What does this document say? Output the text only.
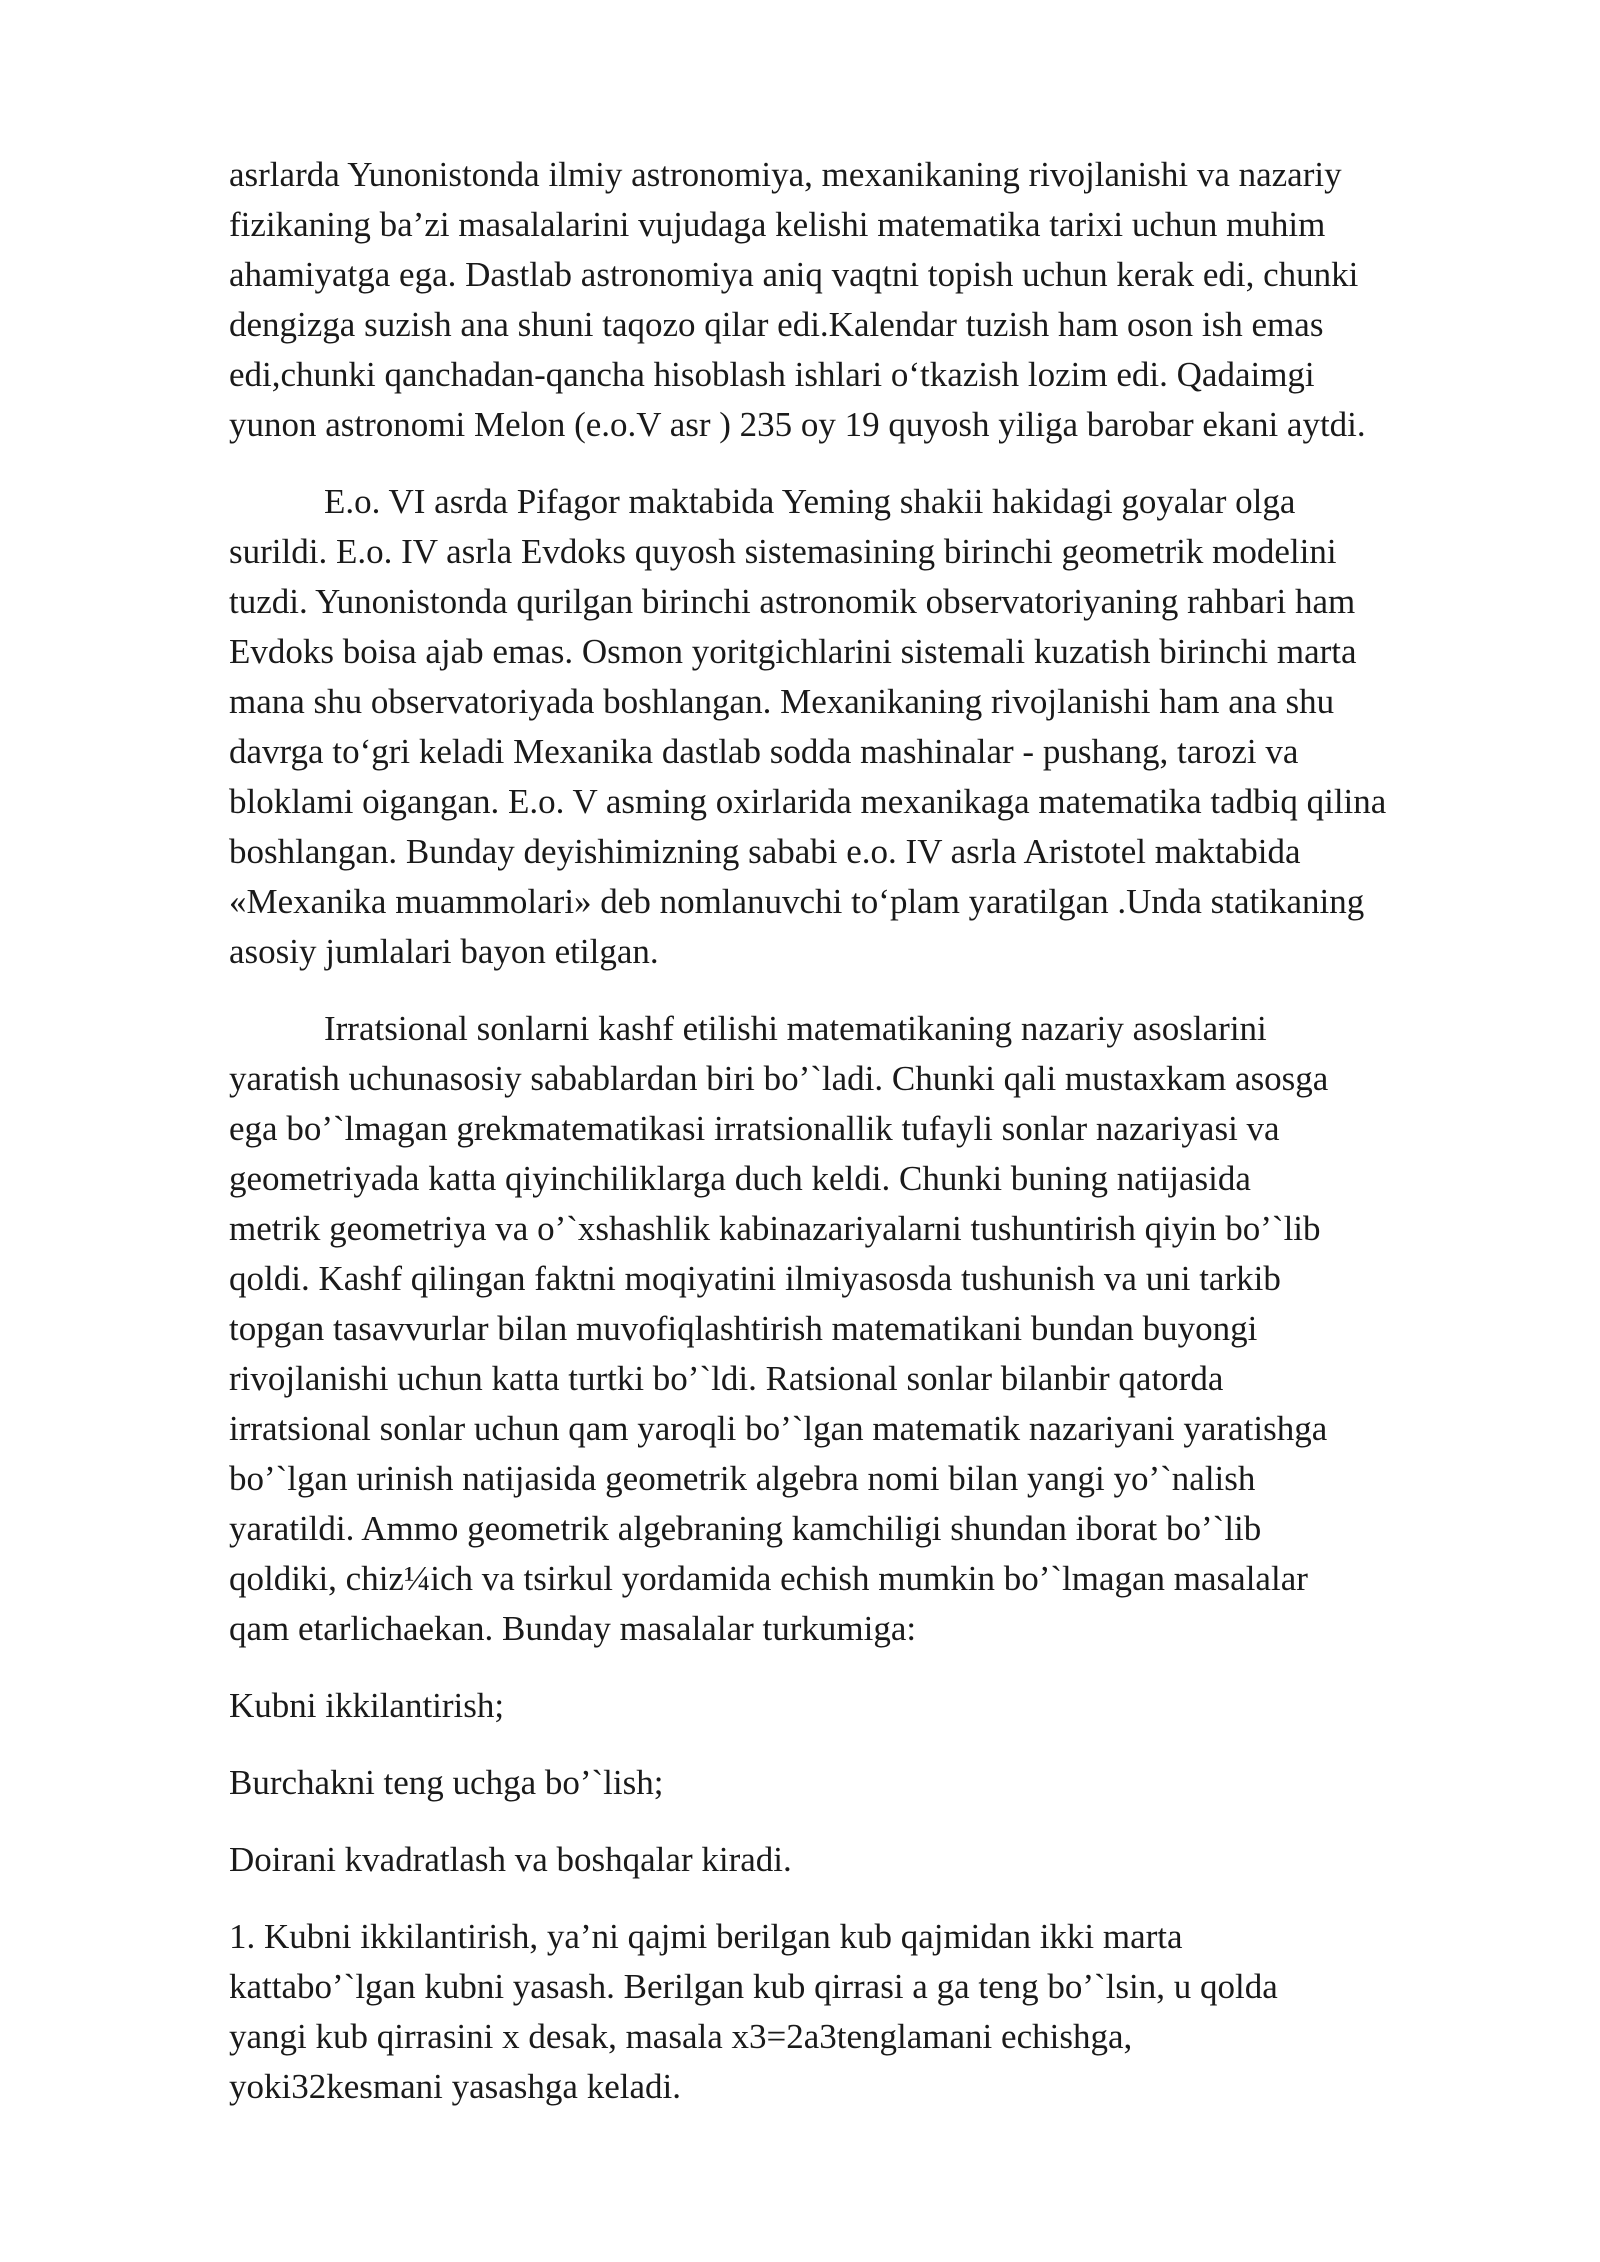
asrlarda Yunonistonda ilmiy astronomiya, mexanikaning rivojlanishi va nazariy
fizikaning ba’zi masalalarini vujudaga kelishi matematika tarixi uchun muhim
ahamiyatga ega. Dastlab astronomiya aniq vaqtni topish uchun kerak edi, chunki
dengizga suzish ana shuni taqozo qilar edi.Kalendar tuzish ham oson ish emas
edi,chunki qanchadan-qancha hisoblash ishlari o‘tkazish lozim edi. Qadaimgi
yunon astronomi Melon (e.o.V asr ) 235 oy 19 quyosh yiliga barobar ekani aytdi.
E.o. VI asrda Pifagor maktabida Yeming shakii hakidagi goyalar olga
surildi. E.o. IV asrla Evdoks quyosh sistemasining birinchi geometrik modelini
tuzdi. Yunonistonda qurilgan birinchi astronomik observatoriyaning rahbari ham
Evdoks boisa ajab emas. Osmon yoritgichlarini sistemali kuzatish birinchi marta
mana shu observatoriyada boshlangan. Mexanikaning rivojlanishi ham ana shu
davrga to‘gri keladi Mexanika dastlab sodda mashinalar - pushang, tarozi va
bloklami oigangan. E.o. V asming oxirlarida mexanikaga matematika tadbiq qilina
boshlangan. Bunday deyishimizning sababi e.o. IV asrla Aristotel maktabida
«Mexanika muammolari» deb nomlanuvchi to‘plam yaratilgan .Unda statikaning
asosiy jumlalari bayon etilgan.
Irratsional sonlarni kashf etilishi matematikaning nazariy asoslarini
yaratish uchunasosiy sabablardan biri bo’`ladi. Chunki qali mustaxkam asosga
ega bo’`lmagan grekmatematikasi irratsionallik tufayli sonlar nazariyasi va
geometriyada katta qiyinchiliklarga duch keldi. Chunki buning natijasida
metrik geometriya va o’`xshashlik kabinazariyalarni tushuntirish qiyin bo’`lib
qoldi. Kashf qilingan faktni moqiyatini ilmiyasosda tushunish va uni tarkib
topgan tasavvurlar bilan muvofiqlashtirish matematikani bundan buyongi
rivojlanishi uchun katta turtki bo’`ldi. Ratsional sonlar bilanbir qatorda
irratsional sonlar uchun qam yaroqli bo’`lgan matematik nazariyani yaratishga
bo’`lgan urinish natijasida geometrik algebra nomi bilan yangi yo’`nalish
yaratildi. Ammo geometrik algebraning kamchiligi shundan iborat bo’`lib
qoldiki, chiz¼ich va tsirkul yordamida echish mumkin bo’`lmagan masalalar
qam etarlichaekan. Bunday masalalar turkumiga:
Kubni ikkilantirish;
Burchakni teng uchga bo’`lish;
Doirani kvadratlash va boshqalar kiradi.
1. Kubni ikkilantirish, ya’ni qajmi berilgan kub qajmidan ikki marta
kattabo’`lgan kubni yasash. Berilgan kub qirrasi a ga teng bo’`lsin, u qolda
yangi kub qirrasini x desak, masala x3=2a3tenglamani echishga,
yoki32kesmani yasashga keladi.
